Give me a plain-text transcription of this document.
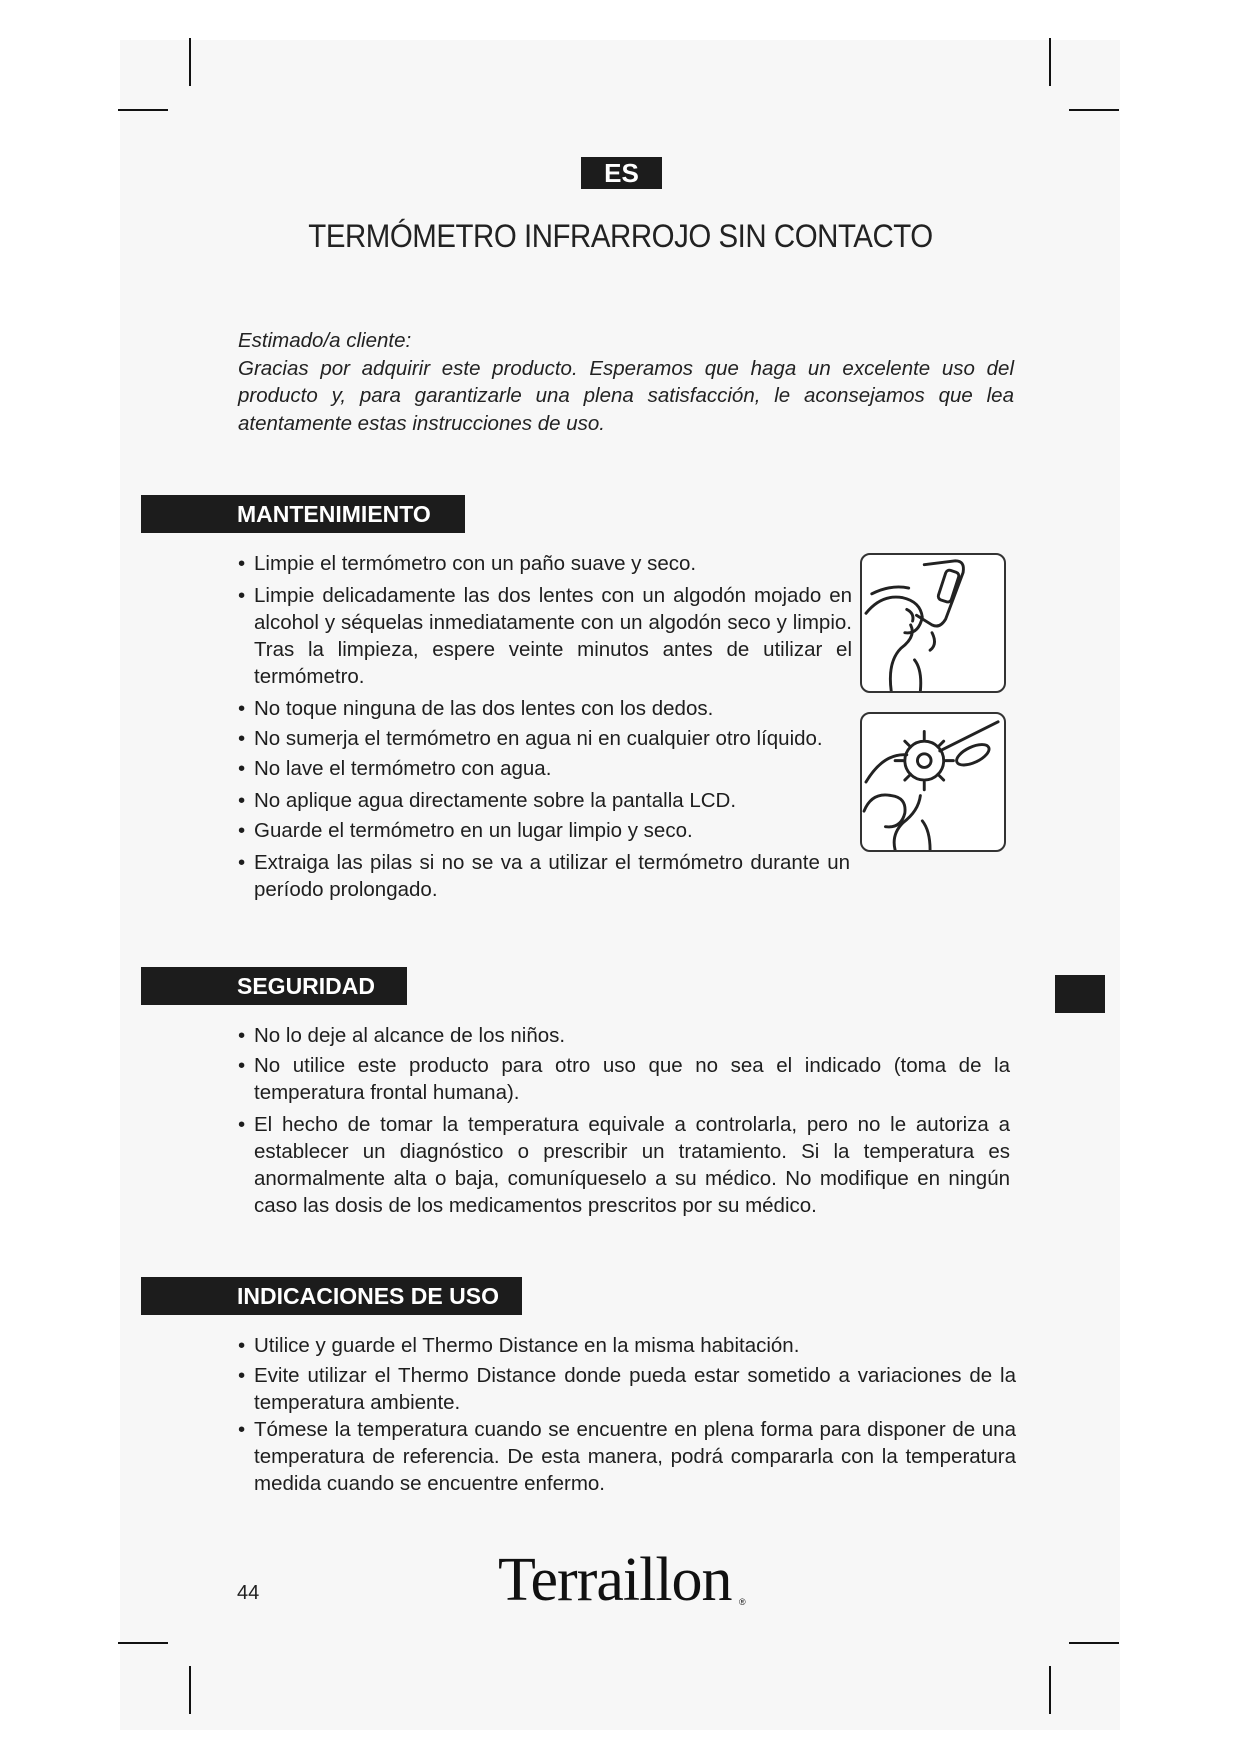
ES
TERMÓMETRO INFRARROJO SIN CONTACTO

Estimado/a cliente:

Gracias por adquirir este producto. Esperamos que haga un excelente uso del producto y, para garantizarle una plena satisfacción, le aconsejamos que lea atentamente estas instrucciones de uso.

MANTENIMIENTO
• Limpie el termómetro con un paño suave y seco.
• Limpie delicadamente las dos lentes con un algodón mojado en alcohol y séquelas inmediatamente con un algodón seco y limpio. Tras la limpieza, espere veinte minutos antes de utilizar el termómetro.
• No toque ninguna de las dos lentes con los dedos.
• No sumerja el termómetro en agua ni en cualquier otro líquido.
• No lave el termómetro con agua.
• No aplique agua directamente sobre la pantalla LCD.
• Guarde el termómetro en un lugar limpio y seco.
• Extraiga las pilas si no se va a utilizar el termómetro durante un período prolongado.
SEGURIDAD
• No lo deje al alcance de los niños.
• No utilice este producto para otro uso que no sea el indicado (toma de la temperatura frontal humana).
• El hecho de tomar la temperatura equivale a controlarla, pero no le autoriza a establecer un diagnóstico o prescribir un tratamiento. Si la temperatura es anormalmente alta o baja, comuníqueselo a su médico. No modifique en ningún caso las dosis de los medicamentos prescritos por su médico.
INDICACIONES DE USO
• Utilice y guarde el Thermo Distance en la misma habitación.
• Evite utilizar el Thermo Distance donde pueda estar sometido a variaciones de la temperatura ambiente.
• Tómese la temperatura cuando se encuentre en plena forma para disponer de una temperatura de referencia. De esta manera, podrá compararla con la temperatura medida cuando se encuentre enfermo.
44	Terraillon ®
